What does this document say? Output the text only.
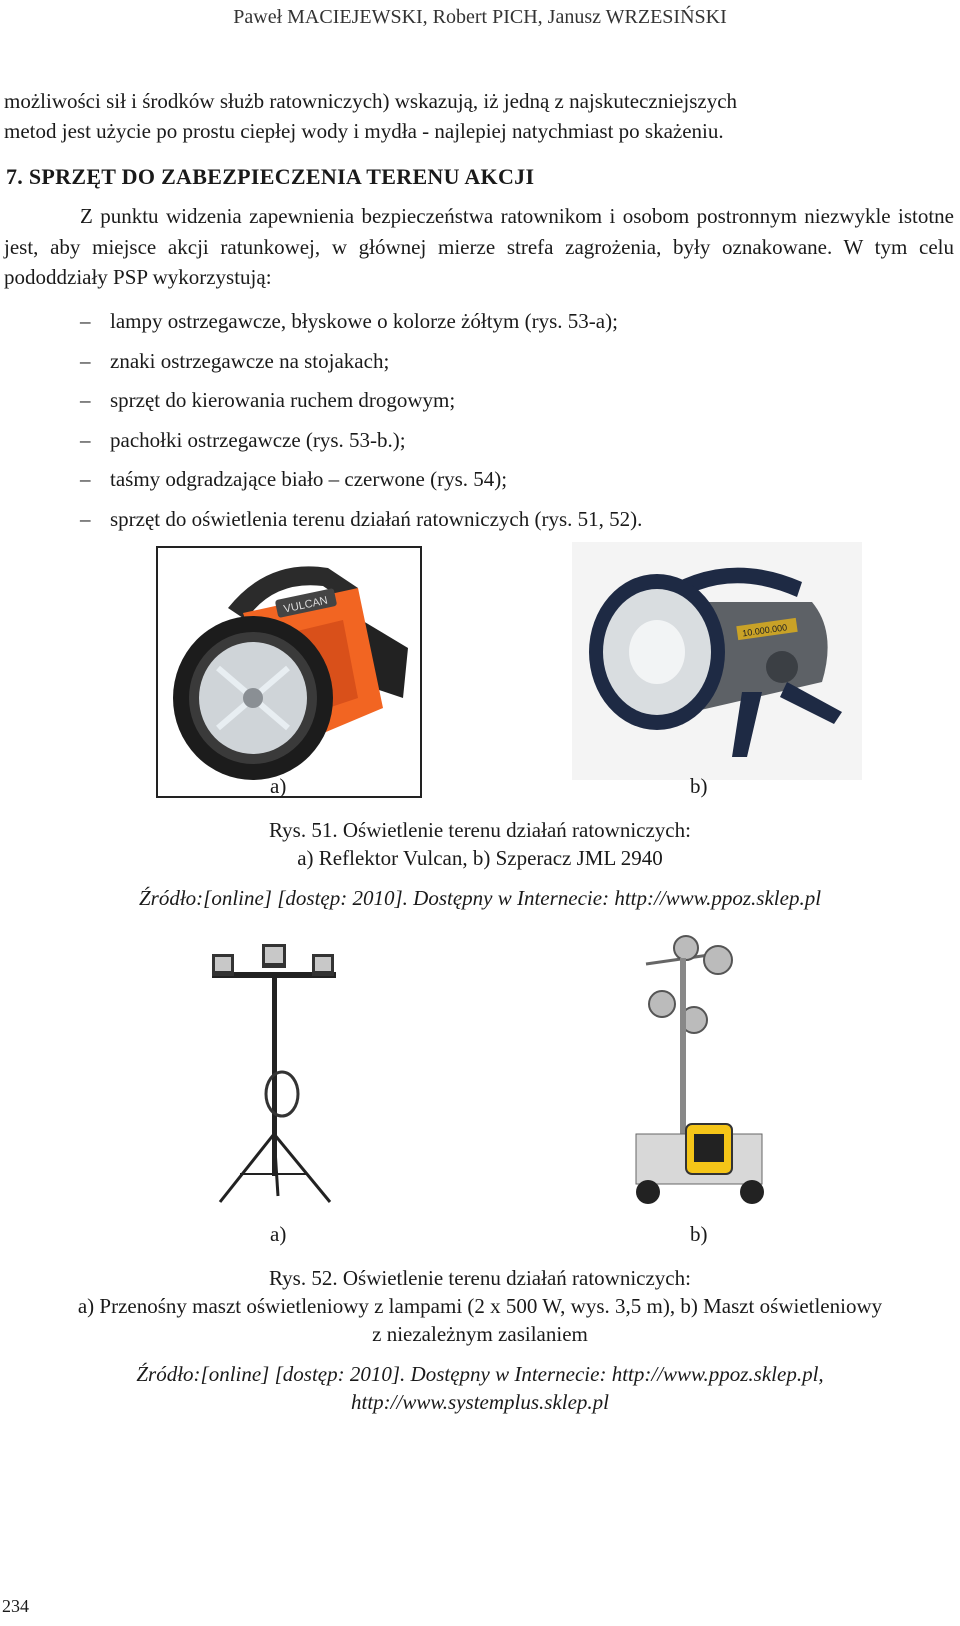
Paweł MACIEJEWSKI, Robert PICH, Janusz WRZESIŃSKI
możliwości sił i środków służb ratowniczych) wskazują, iż jedną z najskuteczniejszych
metod jest użycie po prostu ciepłej wody i mydła - najlepiej natychmiast po skażeniu.
7. SPRZĘT DO ZABEZPIECZENIA TERENU AKCJI
Z punktu widzenia zapewnienia bezpieczeństwa ratownikom i osobom postronnym niezwykle istotne jest, aby miejsce akcji ratunkowej, w głównej mierze strefa zagrożenia, były oznakowane. W tym celu pododdziały PSP wykorzystują:
– lampy ostrzegawcze, błyskowe o kolorze żółtym (rys. 53-a);
– znaki ostrzegawcze na stojakach;
– sprzęt do kierowania ruchem drogowym;
– pachołki ostrzegawcze (rys. 53-b.);
– taśmy odgradzające biało – czerwone (rys. 54);
– sprzęt do oświetlenia terenu działań ratowniczych (rys. 51, 52).
VULCAN
10.000.000
a)	b)
Rys. 51. Oświetlenie terenu działań ratowniczych:
a) Reflektor Vulcan, b) Szperacz JML 2940
Źródło:[online] [dostęp: 2010]. Dostępny w Internecie: http://www.ppoz.sklep.pl
a)	b)
Rys. 52. Oświetlenie terenu działań ratowniczych:
a) Przenośny maszt oświetleniowy z lampami (2 x 500 W, wys. 3,5 m), b) Maszt oświetleniowy
z niezależnym zasilaniem
Źródło:[online] [dostęp: 2010]. Dostępny w Internecie: http://www.ppoz.sklep.pl,
http://www.systemplus.sklep.pl
234
